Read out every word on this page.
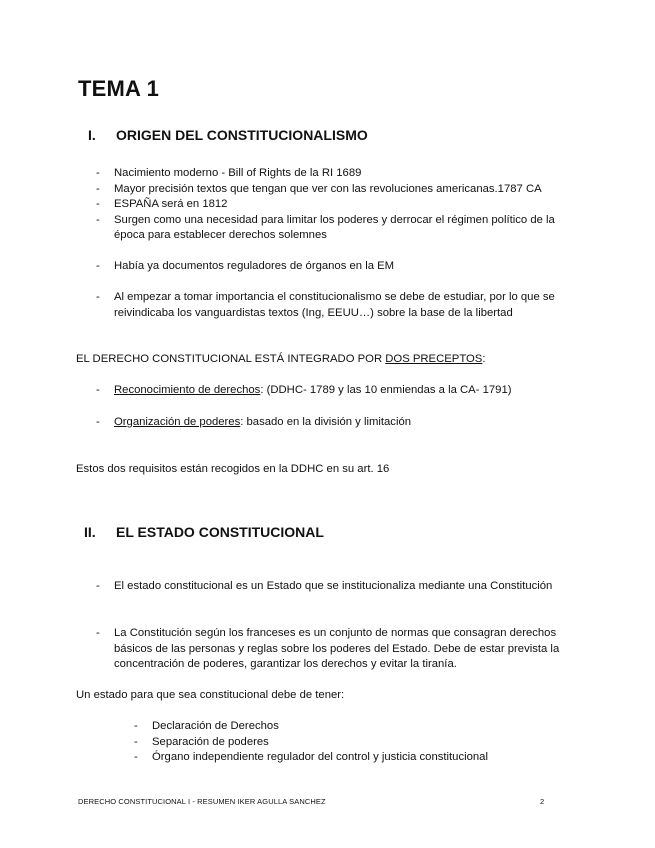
TEMA 1
I. ORIGEN DEL CONSTITUCIONALISMO
- Nacimiento moderno - Bill of Rights de la RI 1689
- Mayor precisión textos que tengan que ver con las revoluciones americanas.1787 CA
- ESPAÑA será en 1812
- Surgen como una necesidad para limitar los poderes y derrocar el régimen político de la época para establecer derechos solemnes
- Había ya documentos reguladores de órganos en la EM
- Al empezar a tomar importancia el constitucionalismo se debe de estudiar, por lo que se reivindicaba los vanguardistas textos (Ing, EEUU…) sobre la base de la libertad

EL DERECHO CONSTITUCIONAL ESTÁ INTEGRADO POR DOS PRECEPTOS:

- Reconocimiento de derechos: (DDHC- 1789 y las 10 enmiendas a la CA- 1791)
- Organización de poderes: basado en la división y limitación

Estos dos requisitos están recogidos en la DDHC en su art. 16

II. EL ESTADO CONSTITUCIONAL
- El estado constitucional es un Estado que se institucionaliza mediante una Constitución
- La Constitución según los franceses es un conjunto de normas que consagran derechos básicos de las personas y reglas sobre los poderes del Estado. Debe de estar prevista la concentración de poderes, garantizar los derechos y evitar la tiranía.

Un estado para que sea constitucional debe de tener:

- Declaración de Derechos
- Separación de poderes
- Órgano independiente regulador del control y justicia constitucional
DERECHO CONSTITUCIONAL I - RESUMEN IKER AGULLA SANCHEZ	2
